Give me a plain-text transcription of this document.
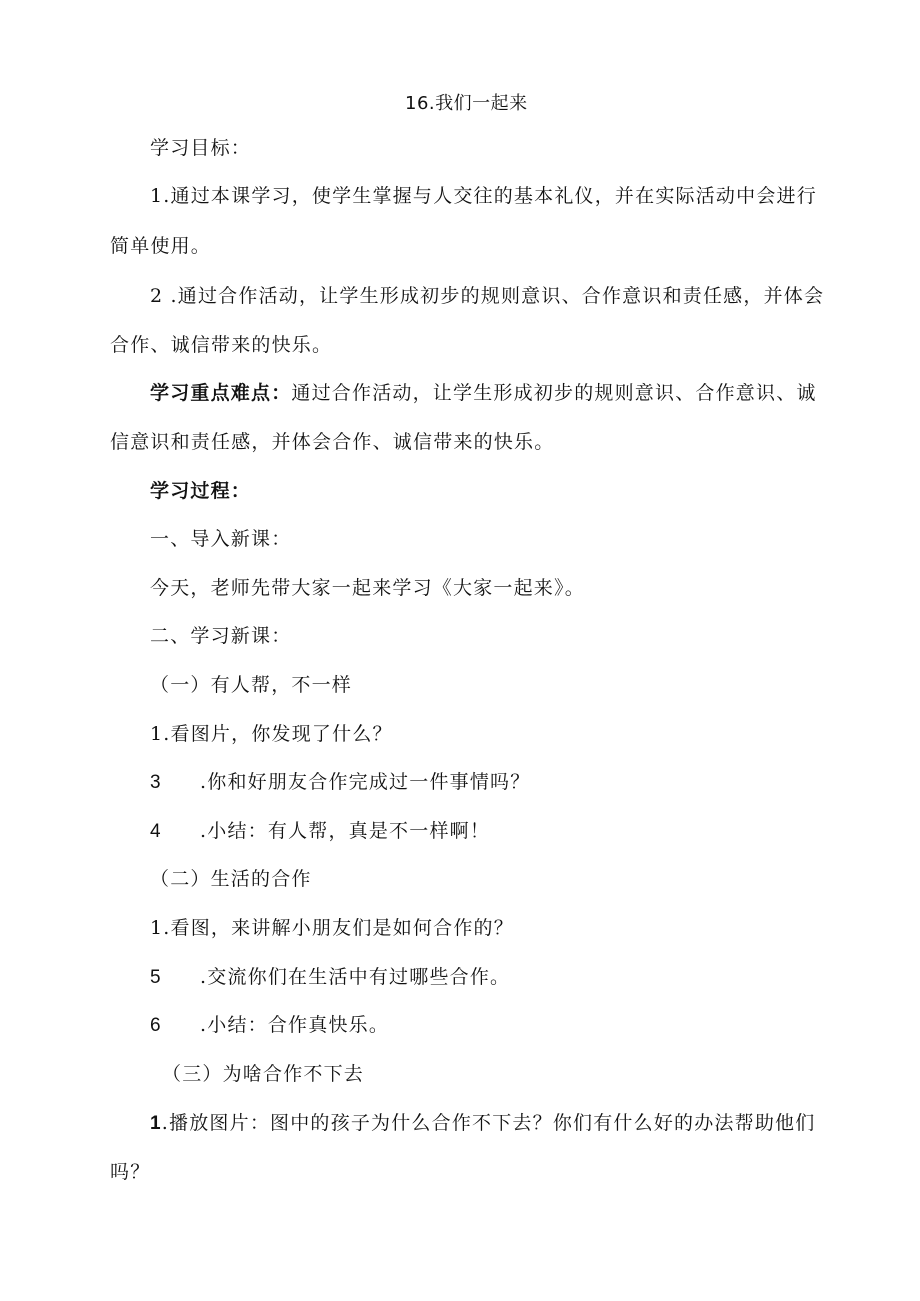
16.我们一起来
学习目标：
1.通过本课学习，使学生掌握与人交往的基本礼仪，并在实际活动中会进行
简单使用。
2 .通过合作活动，让学生形成初步的规则意识、合作意识和责任感，并体会
合作、诚信带来的快乐。
学习重点难点：通过合作活动，让学生形成初步的规则意识、合作意识、诚
信意识和责任感，并体会合作、诚信带来的快乐。
学习过程：
一、导入新课：
今天，老师先带大家一起来学习《大家一起来》。
二、学习新课：
（一）有人帮，不一样
1.看图片，你发现了什么？
3 .你和好朋友合作完成过一件事情吗？
4 .小结：有人帮，真是不一样啊！
（二）生活的合作
1.看图，来讲解小朋友们是如何合作的？
5 .交流你们在生活中有过哪些合作。
6 .小结：合作真快乐。
（三）为啥合作不下去
1.播放图片：图中的孩子为什么合作不下去？你们有什么好的办法帮助他们
吗？
